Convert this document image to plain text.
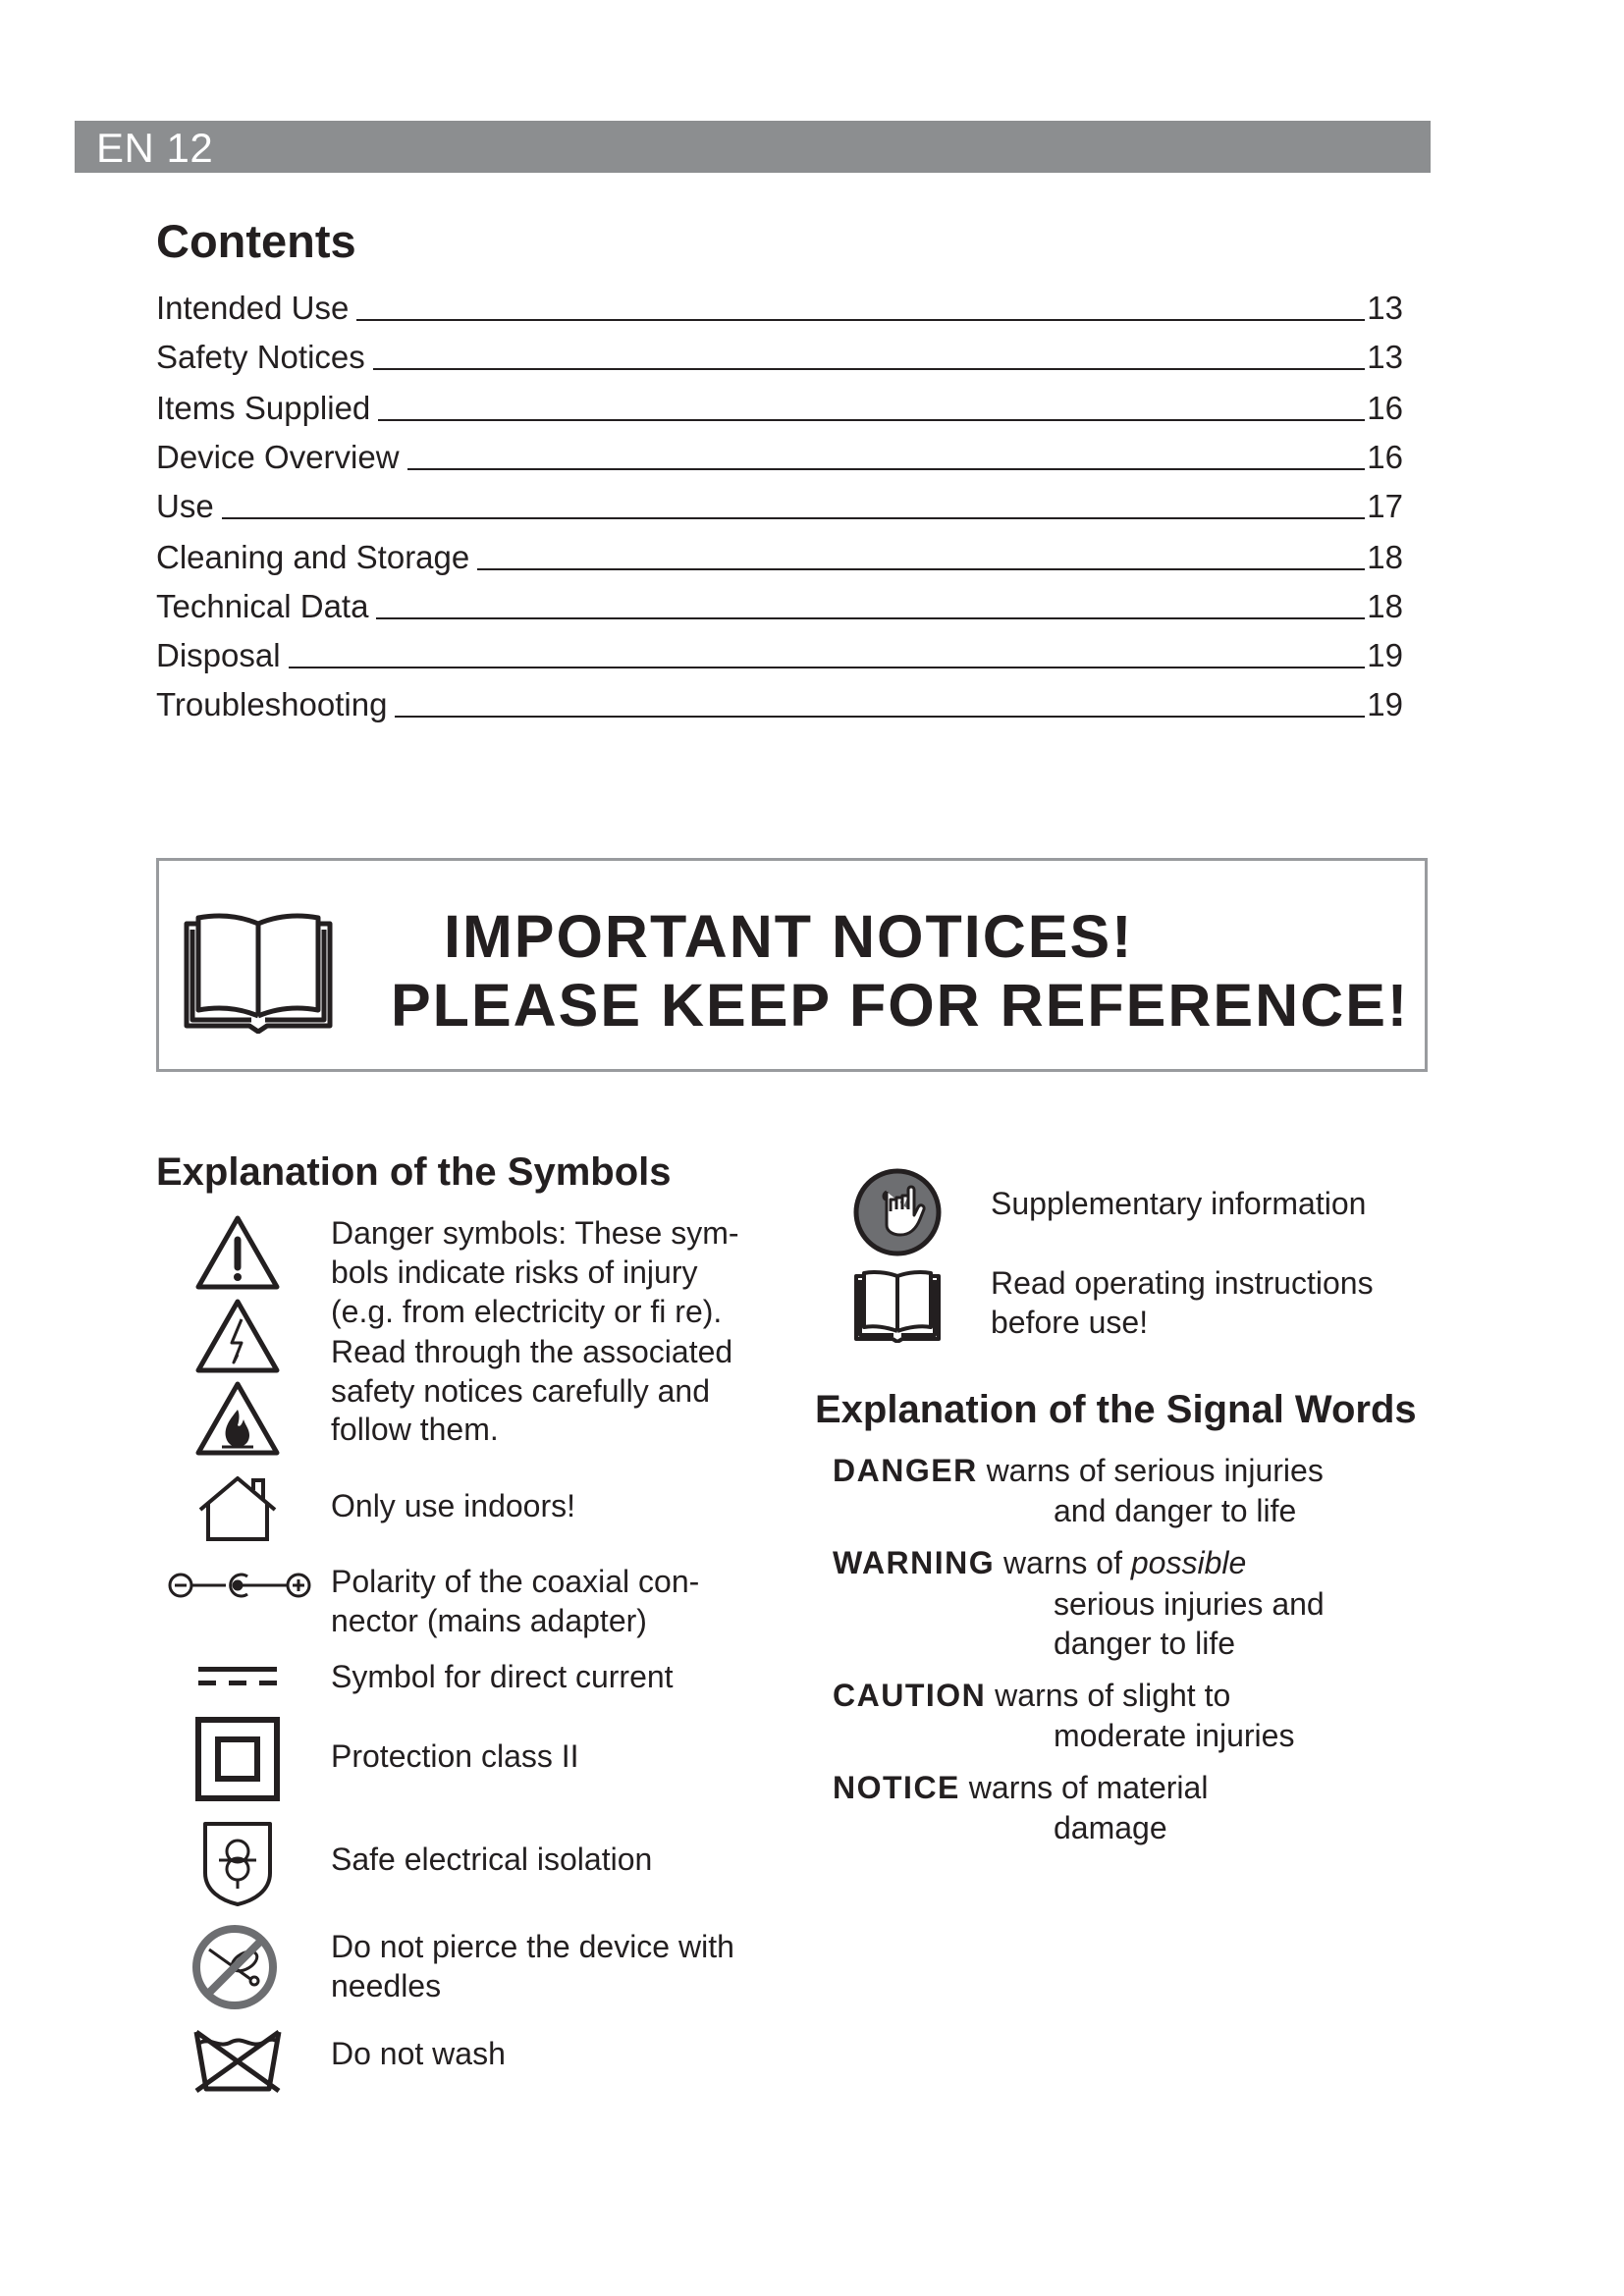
EN 12
Contents
Intended Use	13
Safety Notices	13
Items Supplied	16
Device Overview	16
Use	17
Cleaning and Storage	18
Technical Data	18
Disposal	19
Troubleshooting	19
IMPORTANT NOTICES!
PLEASE KEEP FOR REFERENCE!
Explanation of the Symbols
Danger symbols: These sym-
bols indicate risks of injury
(e.g. from electricity or fi re).
Read through the associated
safety notices carefully and
follow them.
Only use indoors!
Polarity of the coaxial con-
nector (mains adapter)
Symbol for direct current
Protection class II
Safe electrical isolation
Do not pierce the device with
needles
Do not wash
Supplementary information
Read operating instructions
before use!
Explanation of the Signal Words
DANGER warns of serious injuries
and danger to life
WARNING warns of possible
serious injuries and
danger to life
CAUTION warns of slight to
moderate injuries
NOTICE warns of material
damage
